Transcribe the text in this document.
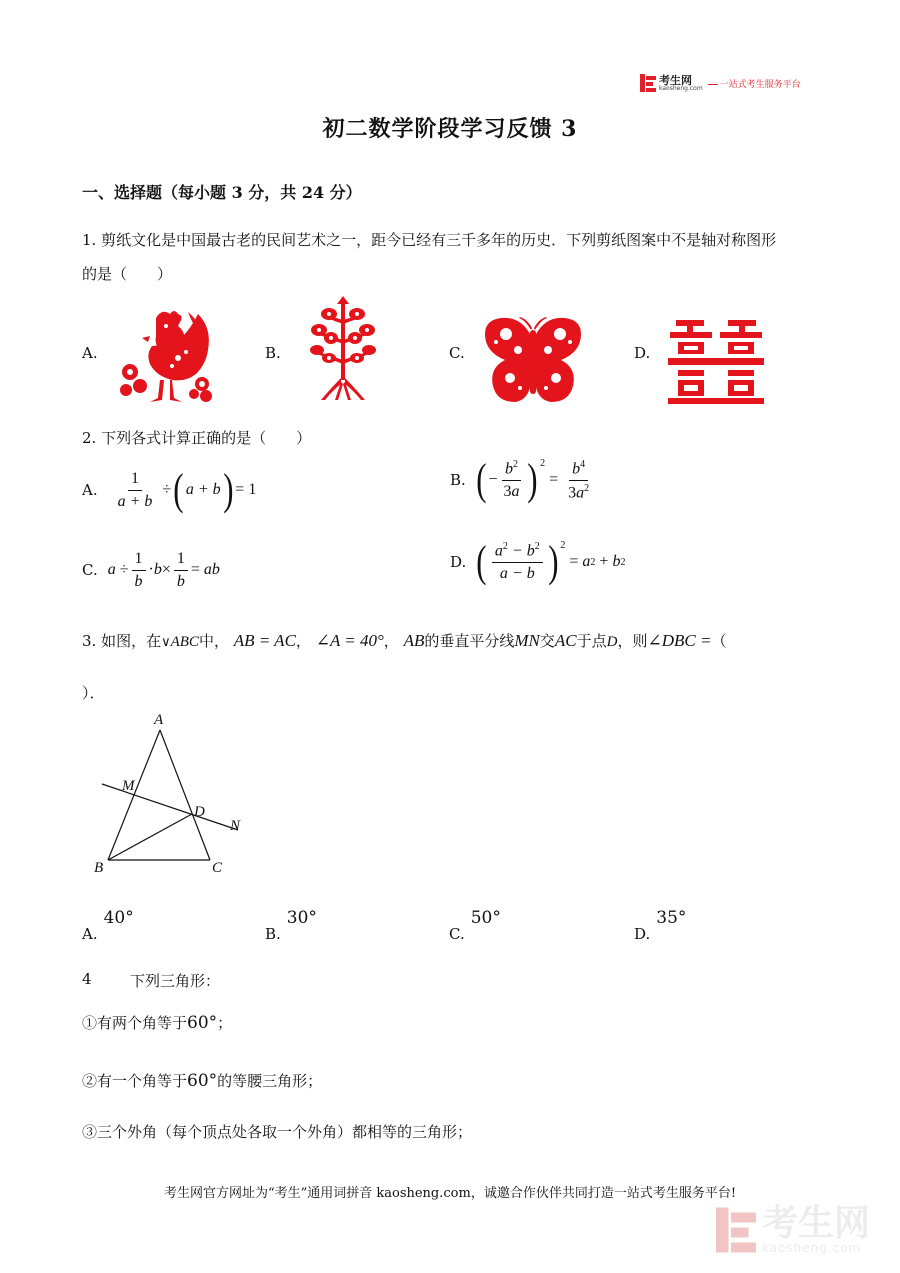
考生网
kaosheng.com	一站式考生服务平台
初二数学阶段学习反馈 3
一、选择题（每小题 3 分，共 24 分）
1. 剪纸文化是中国最古老的民间艺术之一，距今已经有三千多年的历史．下列剪纸图案中不是轴对称图形
的是（　　）
A.	B.	C.	D.
2. 下列各式计算正确的是（　　）
A. $\frac{1}{a + b}$ ÷ ( a + b ) = 1
B. ( − $\frac{b^2}{3a} )^2$
= $\frac{b^4}{3a^2}$
C. $a \div \frac{1}{b} \cdot b \times \frac{1}{b}$ = ab	D. ( $\frac{a^2 - b^2}{a - b} )^2$
= a 2 + b 2
3. 如图，在∨ABC中， AB = AC， ∠A = 40°， AB的垂直平分线MN交AC于点D，则∠DBC =（
）．
A
M
D
N
B	C
A.40°
B.30°
C.50°
D.35°
4	下列三角形：
①有两个角等于60°；
②有一个角等于60°的等腰三角形；
③三个外角（每个顶点处各取一个外角）都相等的三角形；
考生网官方网址为“考生”通用词拼音 kaosheng.com，诚邀合作伙伴共同打造一站式考生服务平台!
考生网
kaosheng.com
